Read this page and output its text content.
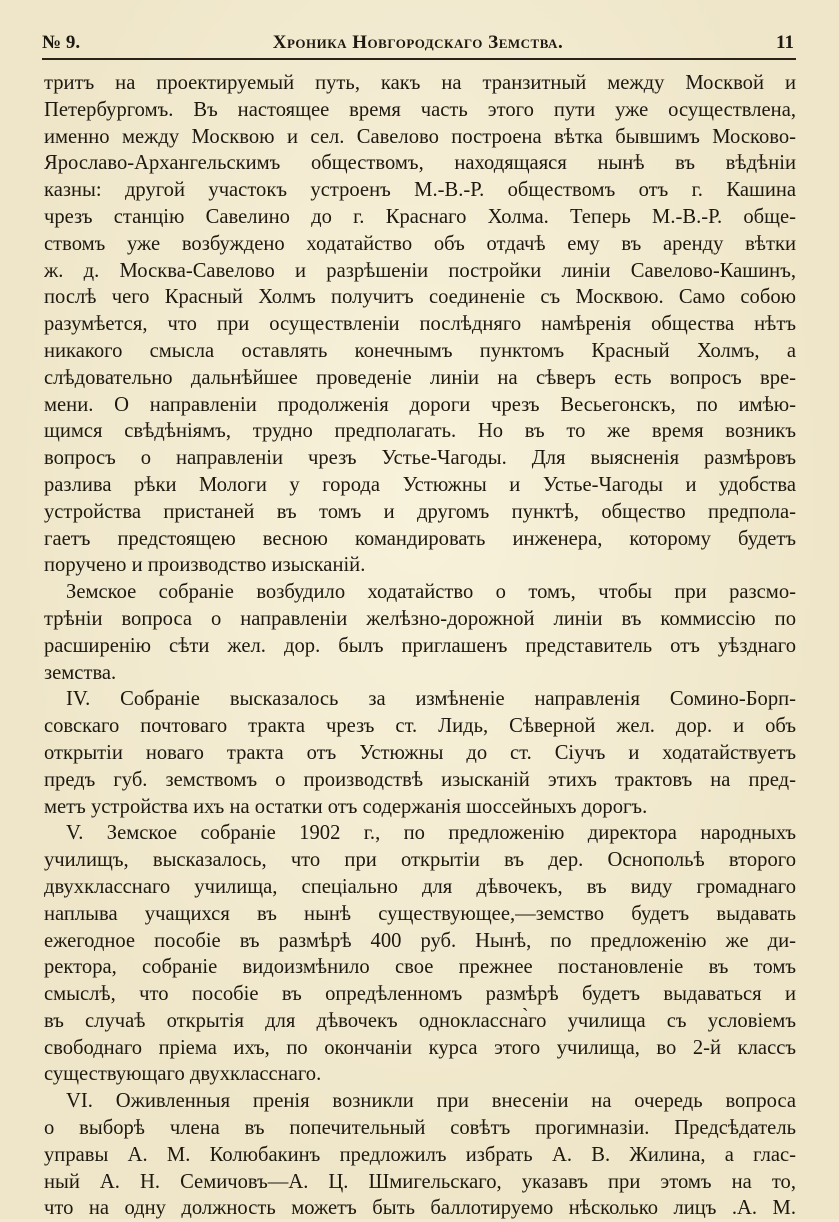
№ 9.	Хроника Новгородскаго Земства.	11
тритъ на проектируемый путь, какъ на транзитный между Москвой и
Петербургомъ. Въ настоящее время часть этого пути уже осуществлена,
именно между Москвою и сел. Савелово построена вѣтка бывшимъ Москово-
Ярославо-Архангельскимъ обществомъ, находящаяся нынѣ въ вѣдѣніи
казны: другой участокъ устроенъ М.-В.-Р. обществомъ отъ г. Кашина
чрезъ станцію Савелино до г. Краснаго Холма. Теперь М.-В.-Р. обще-
ствомъ уже возбуждено ходатайство объ отдачѣ ему въ аренду вѣтки
ж. д. Москва-Савелово и разрѣшеніи постройки линіи Савелово-Кашинъ,
послѣ чего Красный Холмъ получитъ соединеніе съ Москвою. Само собою
разумѣется, что при осуществленіи послѣдняго намѣренія общества нѣтъ
никакого смысла оставлять конечнымъ пунктомъ Красный Холмъ, а
слѣдовательно дальнѣйшее проведеніе линіи на сѣверъ есть вопросъ вре-
мени. О направленіи продолженія дороги чрезъ Весьегонскъ, по имѣю-
щимся свѣдѣніямъ, трудно предполагать. Но въ то же время возникъ
вопросъ о направленіи чрезъ Устье-Чагоды. Для выясненія размѣровъ
разлива рѣки Мологи у города Устюжны и Устье-Чагоды и удобства
устройства пристаней въ томъ и другомъ пунктѣ, общество предпола-
гаетъ предстоящею весною командировать инженера, которому будетъ
поручено и производство изысканій.
Земское собраніе возбудило ходатайство о томъ, чтобы при разсмо-
трѣніи вопроса о направленіи желѣзно-дорожной линіи въ коммиссію по
расширенію сѣти жел. дор. былъ приглашенъ представитель отъ уѣзднаго
земства.
IV. Собраніе высказалось за измѣненіе направленія Сомино-Борп-
совскаго почтоваго тракта чрезъ ст. Лидь, Сѣверной жел. дор. и объ
открытіи новаго тракта отъ Устюжны до ст. Сіучъ и ходатайствуетъ
предъ губ. земствомъ о производствѣ изысканій этихъ трактовъ на пред-
метъ устройства ихъ на остатки отъ содержанія шоссейныхъ дорогъ.
V. Земское собраніе 1902 г., по предложенію директора народныхъ
училищъ, высказалось, что при открытіи въ дер. Оснопольѣ второго
двухкласснаго училища, спеціально для дѣвочекъ, въ виду громаднаго
наплыва учащихся въ нынѣ существующее,—земство будетъ выдавать
ежегодное пособіе въ размѣрѣ 400 руб. Нынѣ, по предложенію же ди-
ректора, собраніе видоизмѣнило свое прежнее постановленіе въ томъ
смыслѣ, что пособіе въ опредѣленномъ размѣрѣ будетъ выдаваться и
въ случаѣ открытія для дѣвочекъ одноклассна̀го училища съ условіемъ
свободнаго пріема ихъ, по окончаніи курса этого училища, во 2-й классъ
существующаго двухкласснаго.
VI. Оживленныя пренія возникли при внесеніи на очередь вопроса
о выборѣ члена въ попечительный совѣтъ прогимназіи. Предсѣдатель
управы А. М. Колюбакинъ предложилъ избрать А. В. Жилина, а глас-
ный А. Н. Семичовъ—А. Ц. Шмигельскаго, указавъ при этомъ на то,
что на одну должность можетъ быть баллотируемо нѣсколько лицъ .А. М.
